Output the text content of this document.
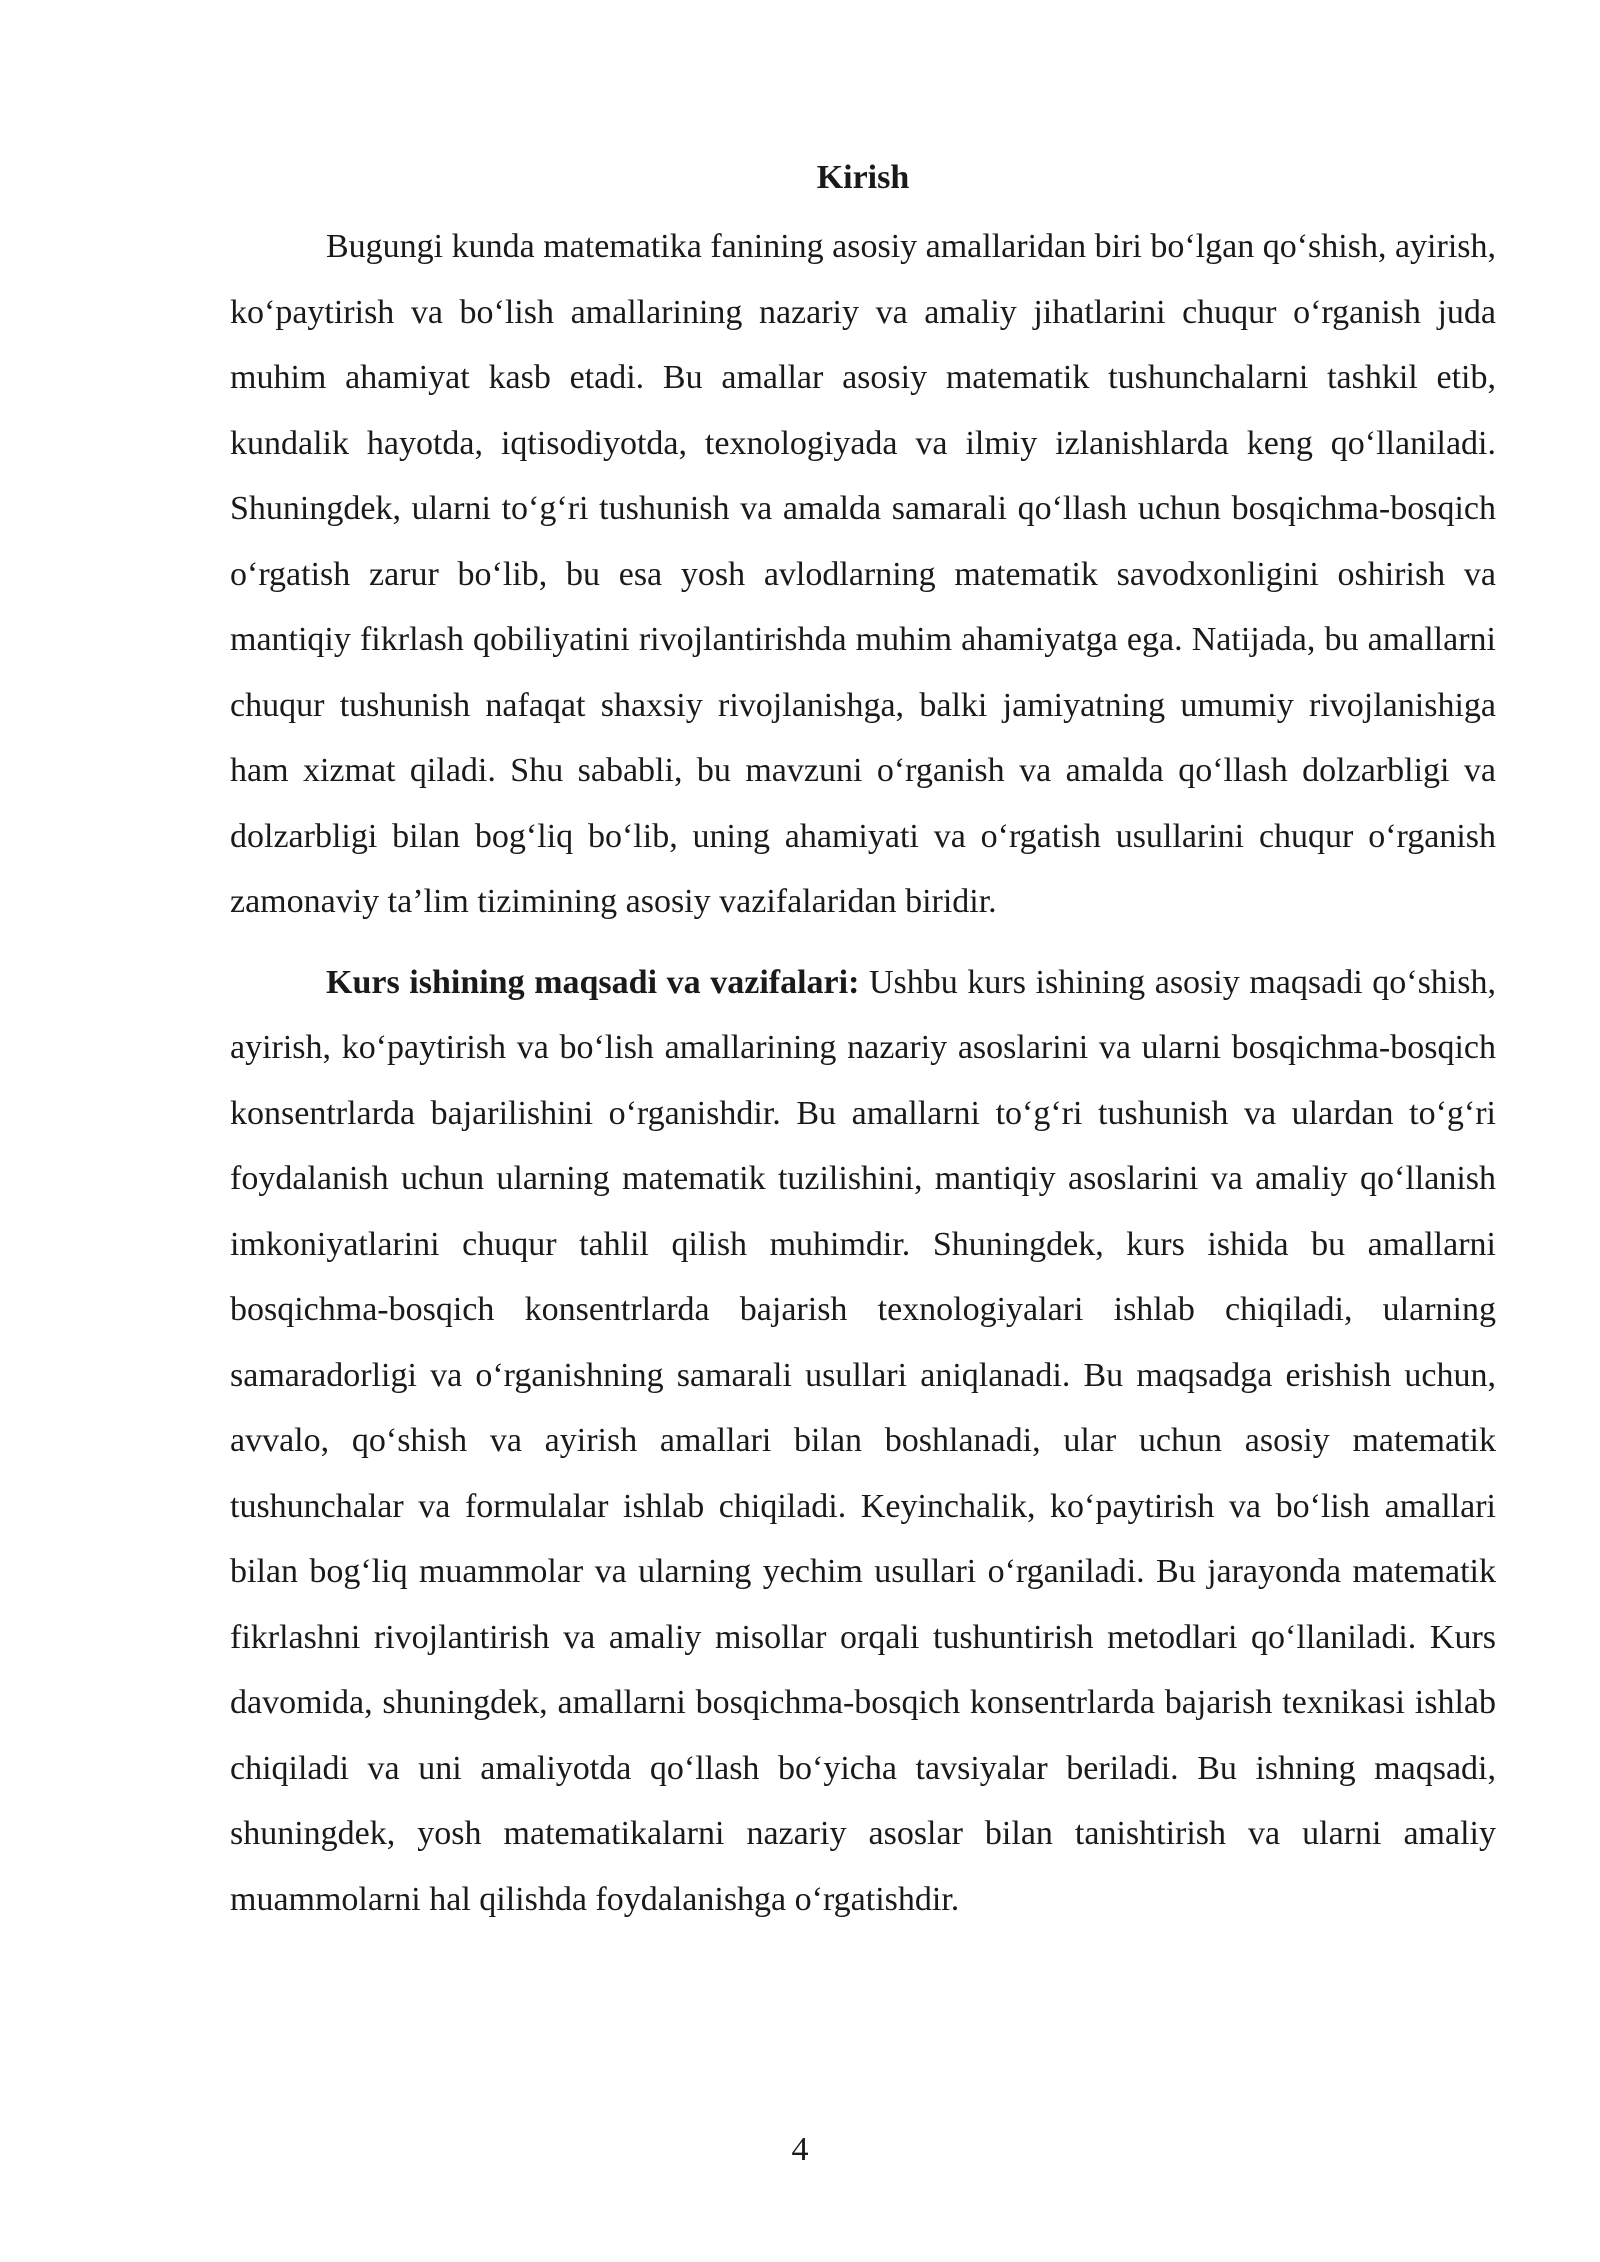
Kirish

Bugungi kunda matematika fanining asosiy amallaridan biri bo‘lgan qo‘shish, ayirish, ko‘paytirish va bo‘lish amallarining nazariy va amaliy jihatlarini chuqur o‘rganish juda muhim ahamiyat kasb etadi. Bu amallar asosiy matematik tushunchalarni tashkil etib, kundalik hayotda, iqtisodiyotda, texnologiyada va ilmiy izlanishlarda keng qo‘llaniladi. Shuningdek, ularni to‘g‘ri tushunish va amalda samarali qo‘llash uchun bosqichma-bosqich o‘rgatish zarur bo‘lib, bu esa yosh avlodlarning matematik savodxonligini oshirish va mantiqiy fikrlash qobiliyatini rivojlantirishda muhim ahamiyatga ega. Natijada, bu amallarni chuqur tushunish nafaqat shaxsiy rivojlanishga, balki jamiyatning umumiy rivojlanishiga ham xizmat qiladi. Shu sababli, bu mavzuni o‘rganish va amalda qo‘llash dolzarbligi va dolzarbligi bilan bog‘liq bo‘lib, uning ahamiyati va o‘rgatish usullarini chuqur o‘rganish zamonaviy ta’lim tizimining asosiy vazifalaridan biridir.

Kurs ishining maqsadi va vazifalari: Ushbu kurs ishining asosiy maqsadi qo‘shish, ayirish, ko‘paytirish va bo‘lish amallarining nazariy asoslarini va ularni bosqichma-bosqich konsentrlarda bajarilishini o‘rganishdir. Bu amallarni to‘g‘ri tushunish va ulardan to‘g‘ri foydalanish uchun ularning matematik tuzilishini, mantiqiy asoslarini va amaliy qo‘llanish imkoniyatlarini chuqur tahlil qilish muhimdir. Shuningdek, kurs ishida bu amallarni bosqichma-bosqich konsentrlarda bajarish texnologiyalari ishlab chiqiladi, ularning samaradorligi va o‘rganishning samarali usullari aniqlanadi. Bu maqsadga erishish uchun, avvalo, qo‘shish va ayirish amallari bilan boshlanadi, ular uchun asosiy matematik tushunchalar va formulalar ishlab chiqiladi. Keyinchalik, ko‘paytirish va bo‘lish amallari bilan bog‘liq muammolar va ularning yechim usullari o‘rganiladi. Bu jarayonda matematik fikrlashni rivojlantirish va amaliy misollar orqali tushuntirish metodlari qo‘llaniladi. Kurs davomida, shuningdek, amallarni bosqichma-bosqich konsentrlarda bajarish texnikasi ishlab chiqiladi va uni amaliyotda qo‘llash bo‘yicha tavsiyalar beriladi. Bu ishning maqsadi, shuningdek, yosh matematikalarni nazariy asoslar bilan tanishtirish va ularni amaliy muammolarni hal qilishda foydalanishga o‘rgatishdir.

4
